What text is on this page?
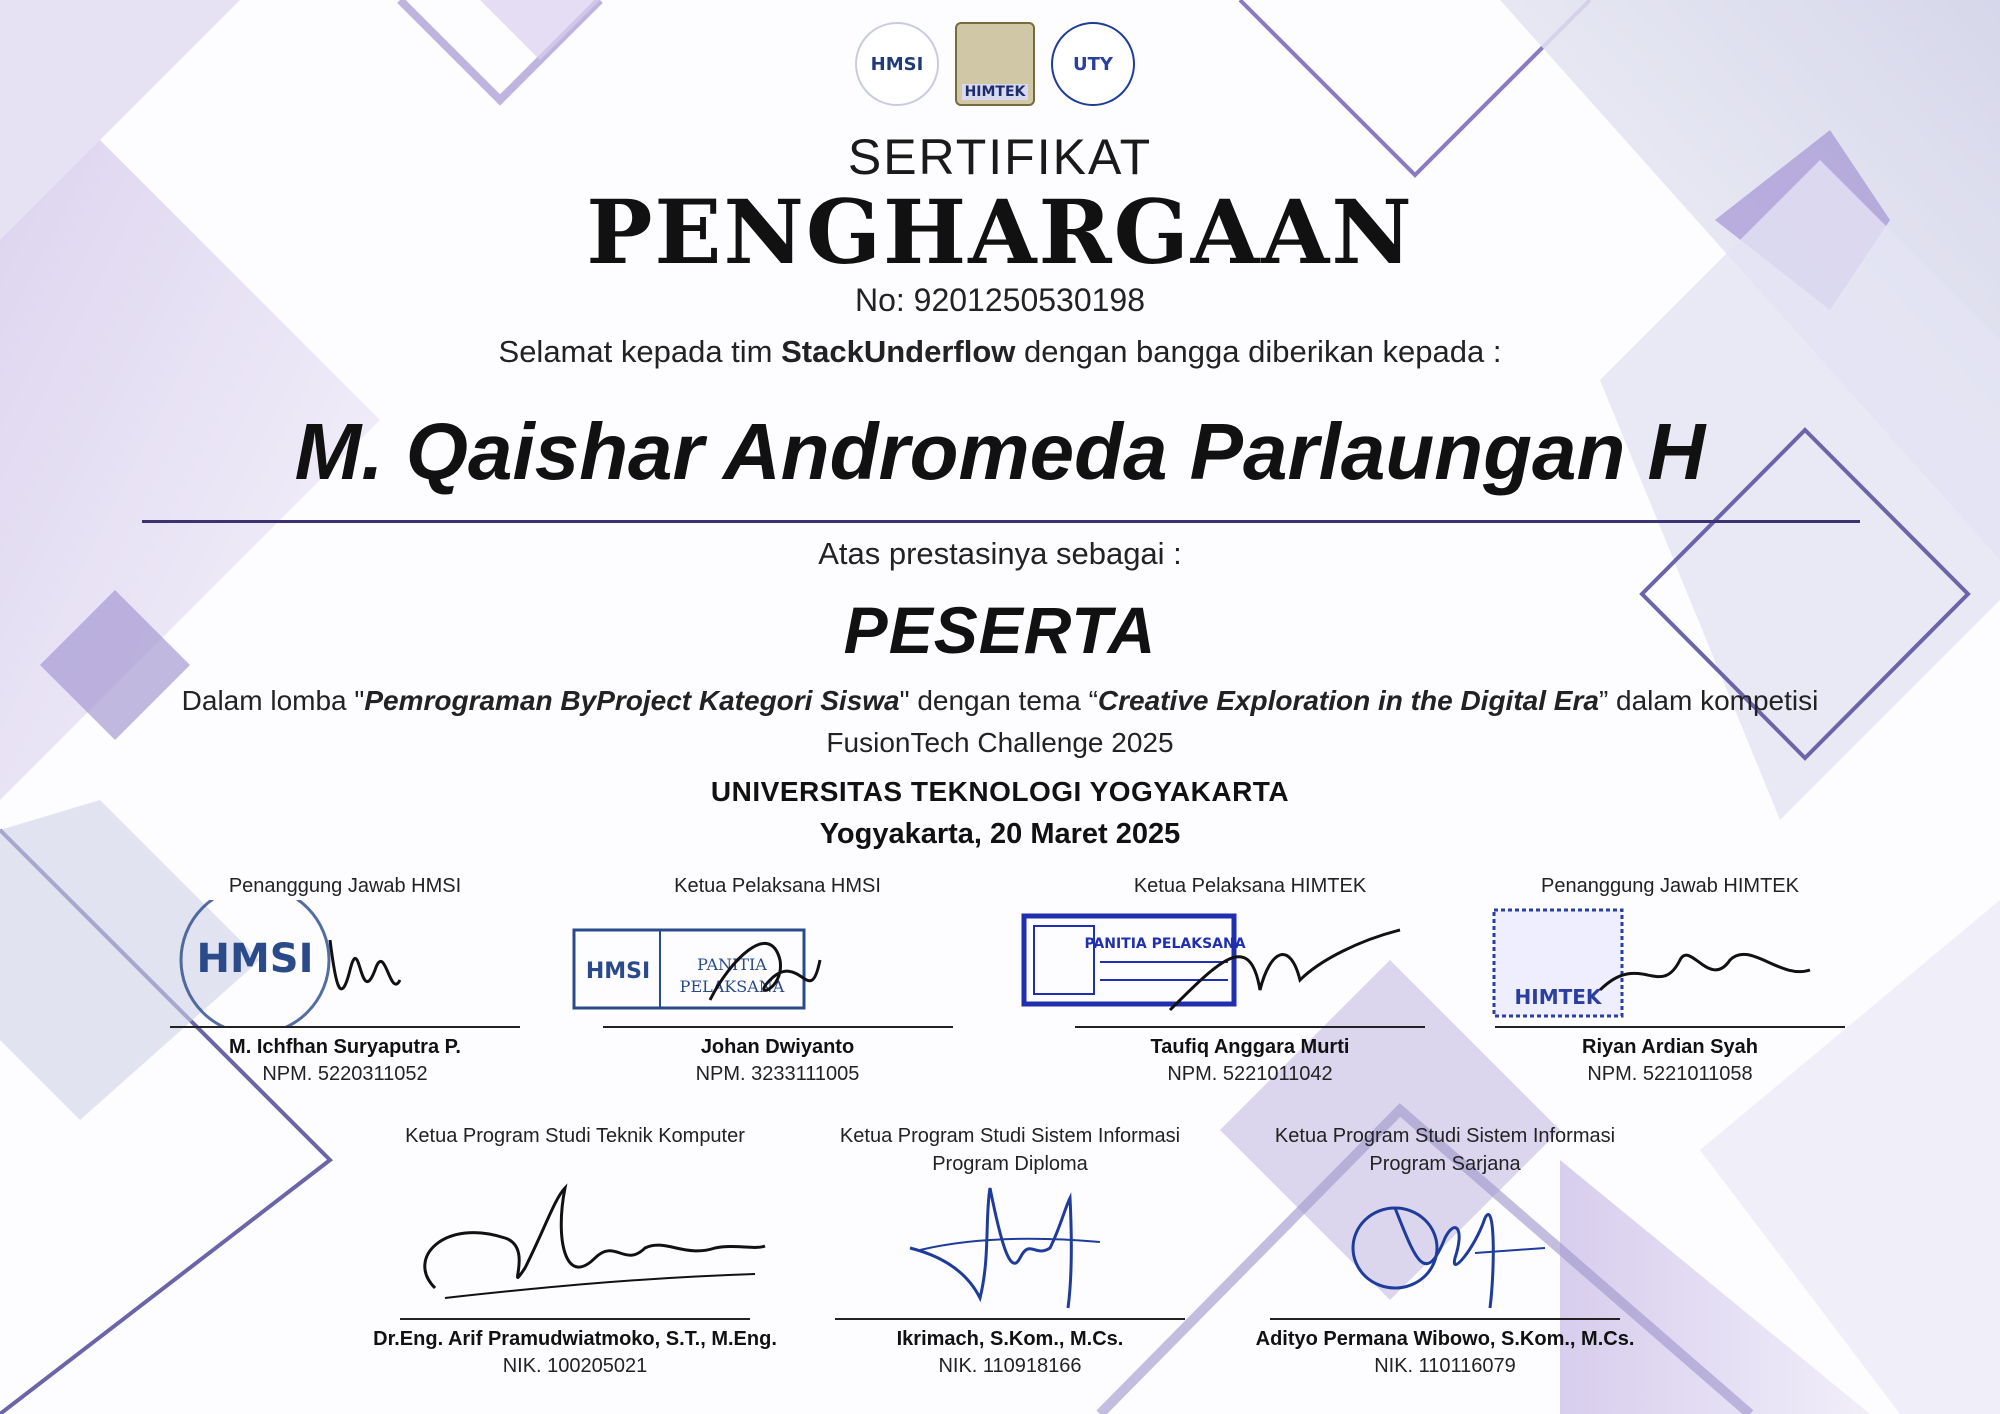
HMSI
HIMTEK
UTY
SERTIFIKAT
PENGHARGAAN
No: 9201250530198
Selamat kepada tim StackUnderflow dengan bangga diberikan kepada :
M. Qaishar Andromeda Parlaungan H
Atas prestasinya sebagai :
PESERTA
Dalam lomba "Pemrograman ByProject Kategori Siswa" dengan tema “Creative Exploration in the Digital Era” dalam kompetisi
FusionTech Challenge 2025
UNIVERSITAS TEKNOLOGI YOGYAKARTA
Yogyakarta, 20 Maret 2025
Penanggung Jawab HMSI
HMSI
M. Ichfhan Suryaputra P.
NPM. 5220311052
Ketua Pelaksana HMSI
HMSI	PANITIA
PELAKSANA
Johan Dwiyanto
NPM. 3233111005
Ketua Pelaksana HIMTEK
PANITIA PELAKSANA
Taufiq Anggara Murti
NPM. 5221011042
Penanggung Jawab HIMTEK
HIMTEK
Riyan Ardian Syah
NPM. 5221011058
Ketua Program Studi Teknik Komputer
Dr.Eng. Arif Pramudwiatmoko, S.T., M.Eng.
NIK. 100205021
Ketua Program Studi Sistem Informasi
Program Diploma
Ikrimach, S.Kom., M.Cs.
NIK. 110918166
Ketua Program Studi Sistem Informasi
Program Sarjana
Adityo Permana Wibowo, S.Kom., M.Cs.
NIK. 110116079
